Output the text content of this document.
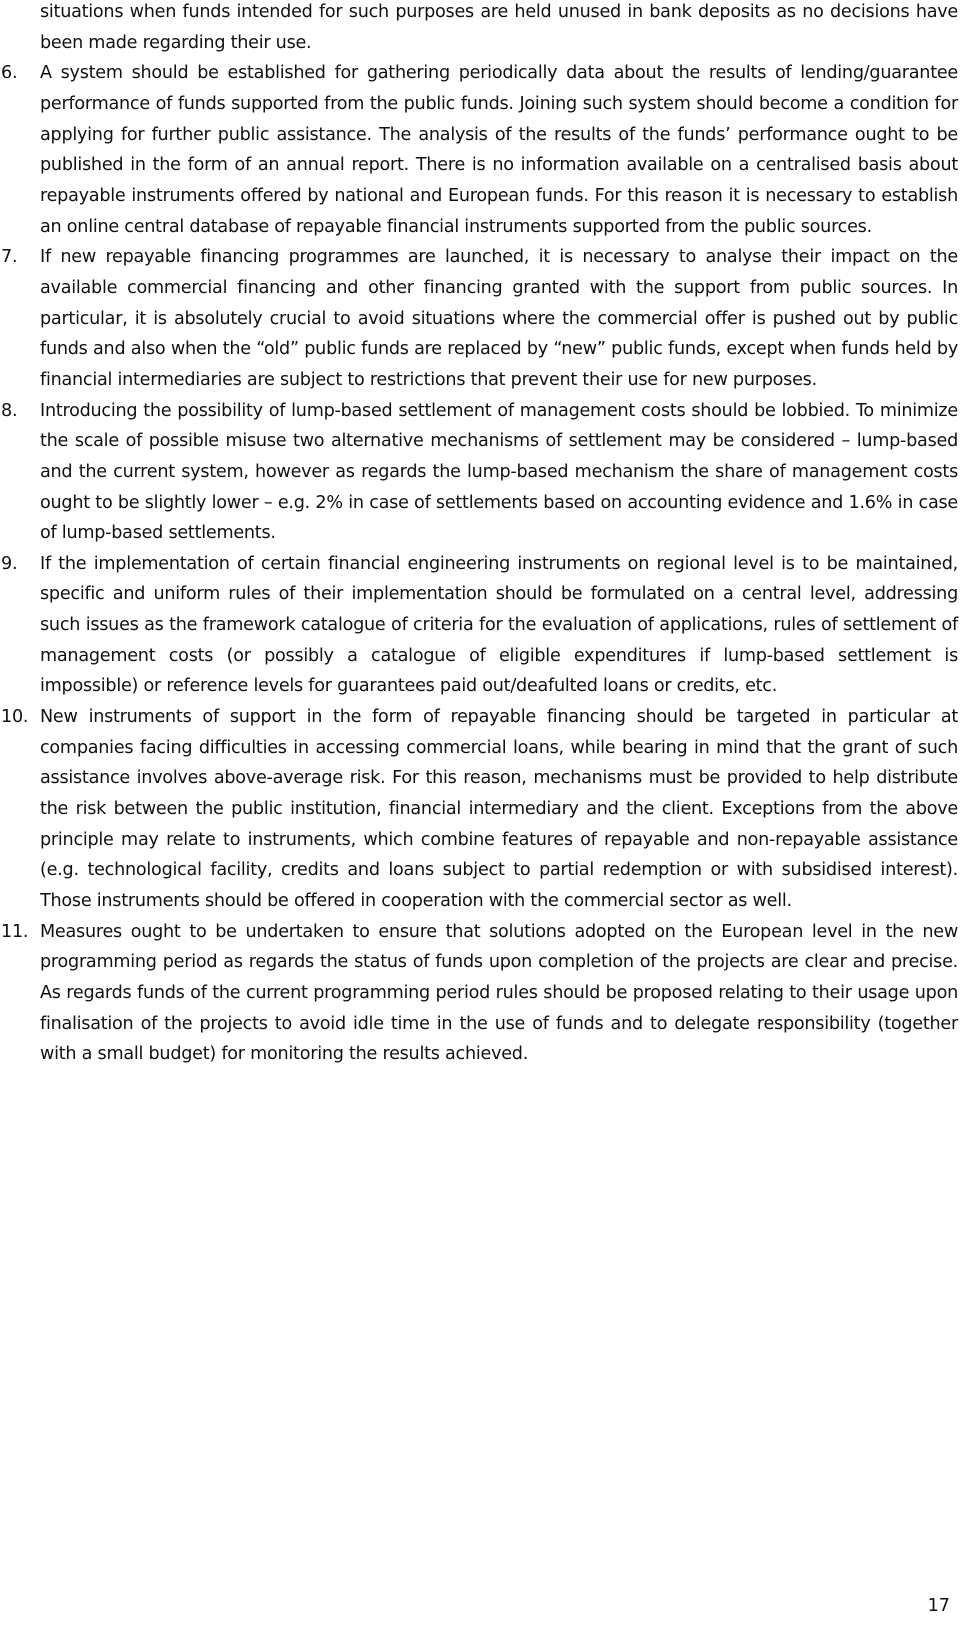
situations when funds intended for such purposes are held unused in bank deposits as no decisions have been made regarding their use.

6.	A system should be established for gathering periodically data about the results of lending/guarantee performance of funds supported from the public funds. Joining such system should become a condition for applying for further public assistance. The analysis of the results of the funds’ performance ought to be published in the form of an annual report. There is no information available on a centralised basis about repayable instruments offered by national and European funds. For this reason it is necessary to establish an online central database of repayable financial instruments supported from the public sources.
7.	If new repayable financing programmes are launched, it is necessary to analyse their impact on the available commercial financing and other financing granted with the support from public sources. In particular, it is absolutely crucial to avoid situations where the commercial offer is pushed out by public funds and also when the “old” public funds are replaced by “new” public funds, except when funds held by financial intermediaries are subject to restrictions that prevent their use for new purposes.
8.	Introducing the possibility of lump-based settlement of management costs should be lobbied. To minimize the scale of possible misuse two alternative mechanisms of settlement may be considered – lump-based and the current system, however as regards the lump-based mechanism the share of management costs ought to be slightly lower – e.g. 2% in case of settlements based on accounting evidence and 1.6% in case of lump-based settlements.
9.	If the implementation of certain financial engineering instruments on regional level is to be maintained, specific and uniform rules of their implementation should be formulated on a central level, addressing such issues as the framework catalogue of criteria for the evaluation of applications, rules of settlement of management costs (or possibly a catalogue of eligible expenditures if lump-based settlement is impossible) or reference levels for guarantees paid out/deafulted loans or credits, etc.
10. New instruments of support in the form of repayable financing should be targeted in particular at companies facing difficulties in accessing commercial loans, while bearing in mind that the grant of such assistance involves above-average risk. For this reason, mechanisms must be provided to help distribute the risk between the public institution, financial intermediary and the client. Exceptions from the above principle may relate to instruments, which combine features of repayable and non-repayable assistance (e.g. technological facility, credits and loans subject to partial redemption or with subsidised interest). Those instruments should be offered in cooperation with the commercial sector as well.
11. Measures ought to be undertaken to ensure that solutions adopted on the European level in the new programming period as regards the status of funds upon completion of the projects are clear and precise. As regards funds of the current programming period rules should be proposed relating to their usage upon finalisation of the projects to avoid idle time in the use of funds and to delegate responsibility (together with a small budget) for monitoring the results achieved.
17
